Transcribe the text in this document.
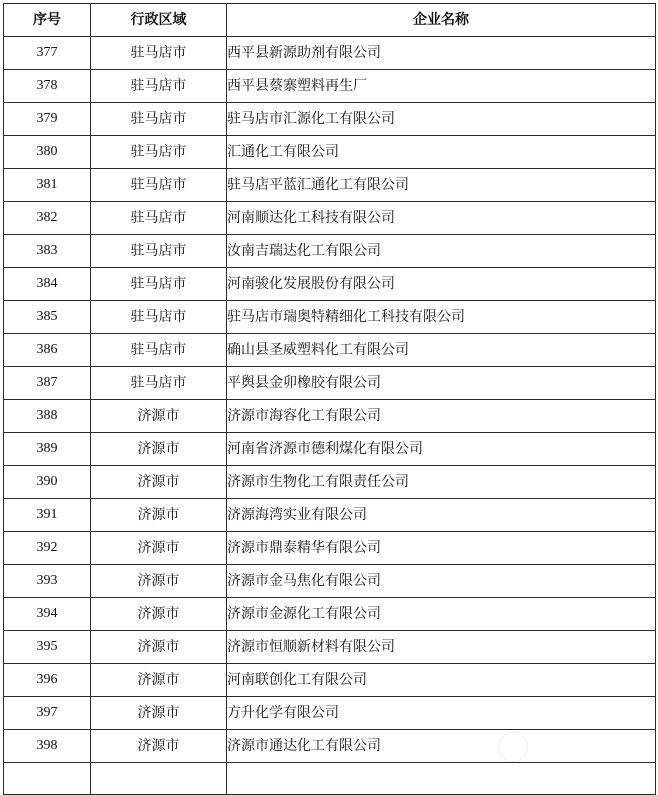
序号	行政区域	企业名称
377	驻马店市	西平县新源助剂有限公司
378	驻马店市	西平县蔡寨塑料再生厂
379	驻马店市	驻马店市汇源化工有限公司
380	驻马店市	汇通化工有限公司
381	驻马店市	驻马店平蓝汇通化工有限公司
382	驻马店市	河南顺达化工科技有限公司
383	驻马店市	汝南吉瑞达化工有限公司
384	驻马店市	河南骏化发展股份有限公司
385	驻马店市	驻马店市瑞奥特精细化工科技有限公司
386	驻马店市	确山县圣威塑料化工有限公司
387	驻马店市	平舆县金卯橡胶有限公司
388	济源市	济源市海容化工有限公司
389	济源市	河南省济源市德利煤化有限公司
390	济源市	济源市生物化工有限责任公司
391	济源市	济源海湾实业有限公司
392	济源市	济源市鼎泰精华有限公司
393	济源市	济源市金马焦化有限公司
394	济源市	济源市金源化工有限公司
395	济源市	济源市恒顺新材料有限公司
396	济源市	河南联创化工有限公司
397	济源市	方升化学有限公司
398	济源市	济源市通达化工有限公司
